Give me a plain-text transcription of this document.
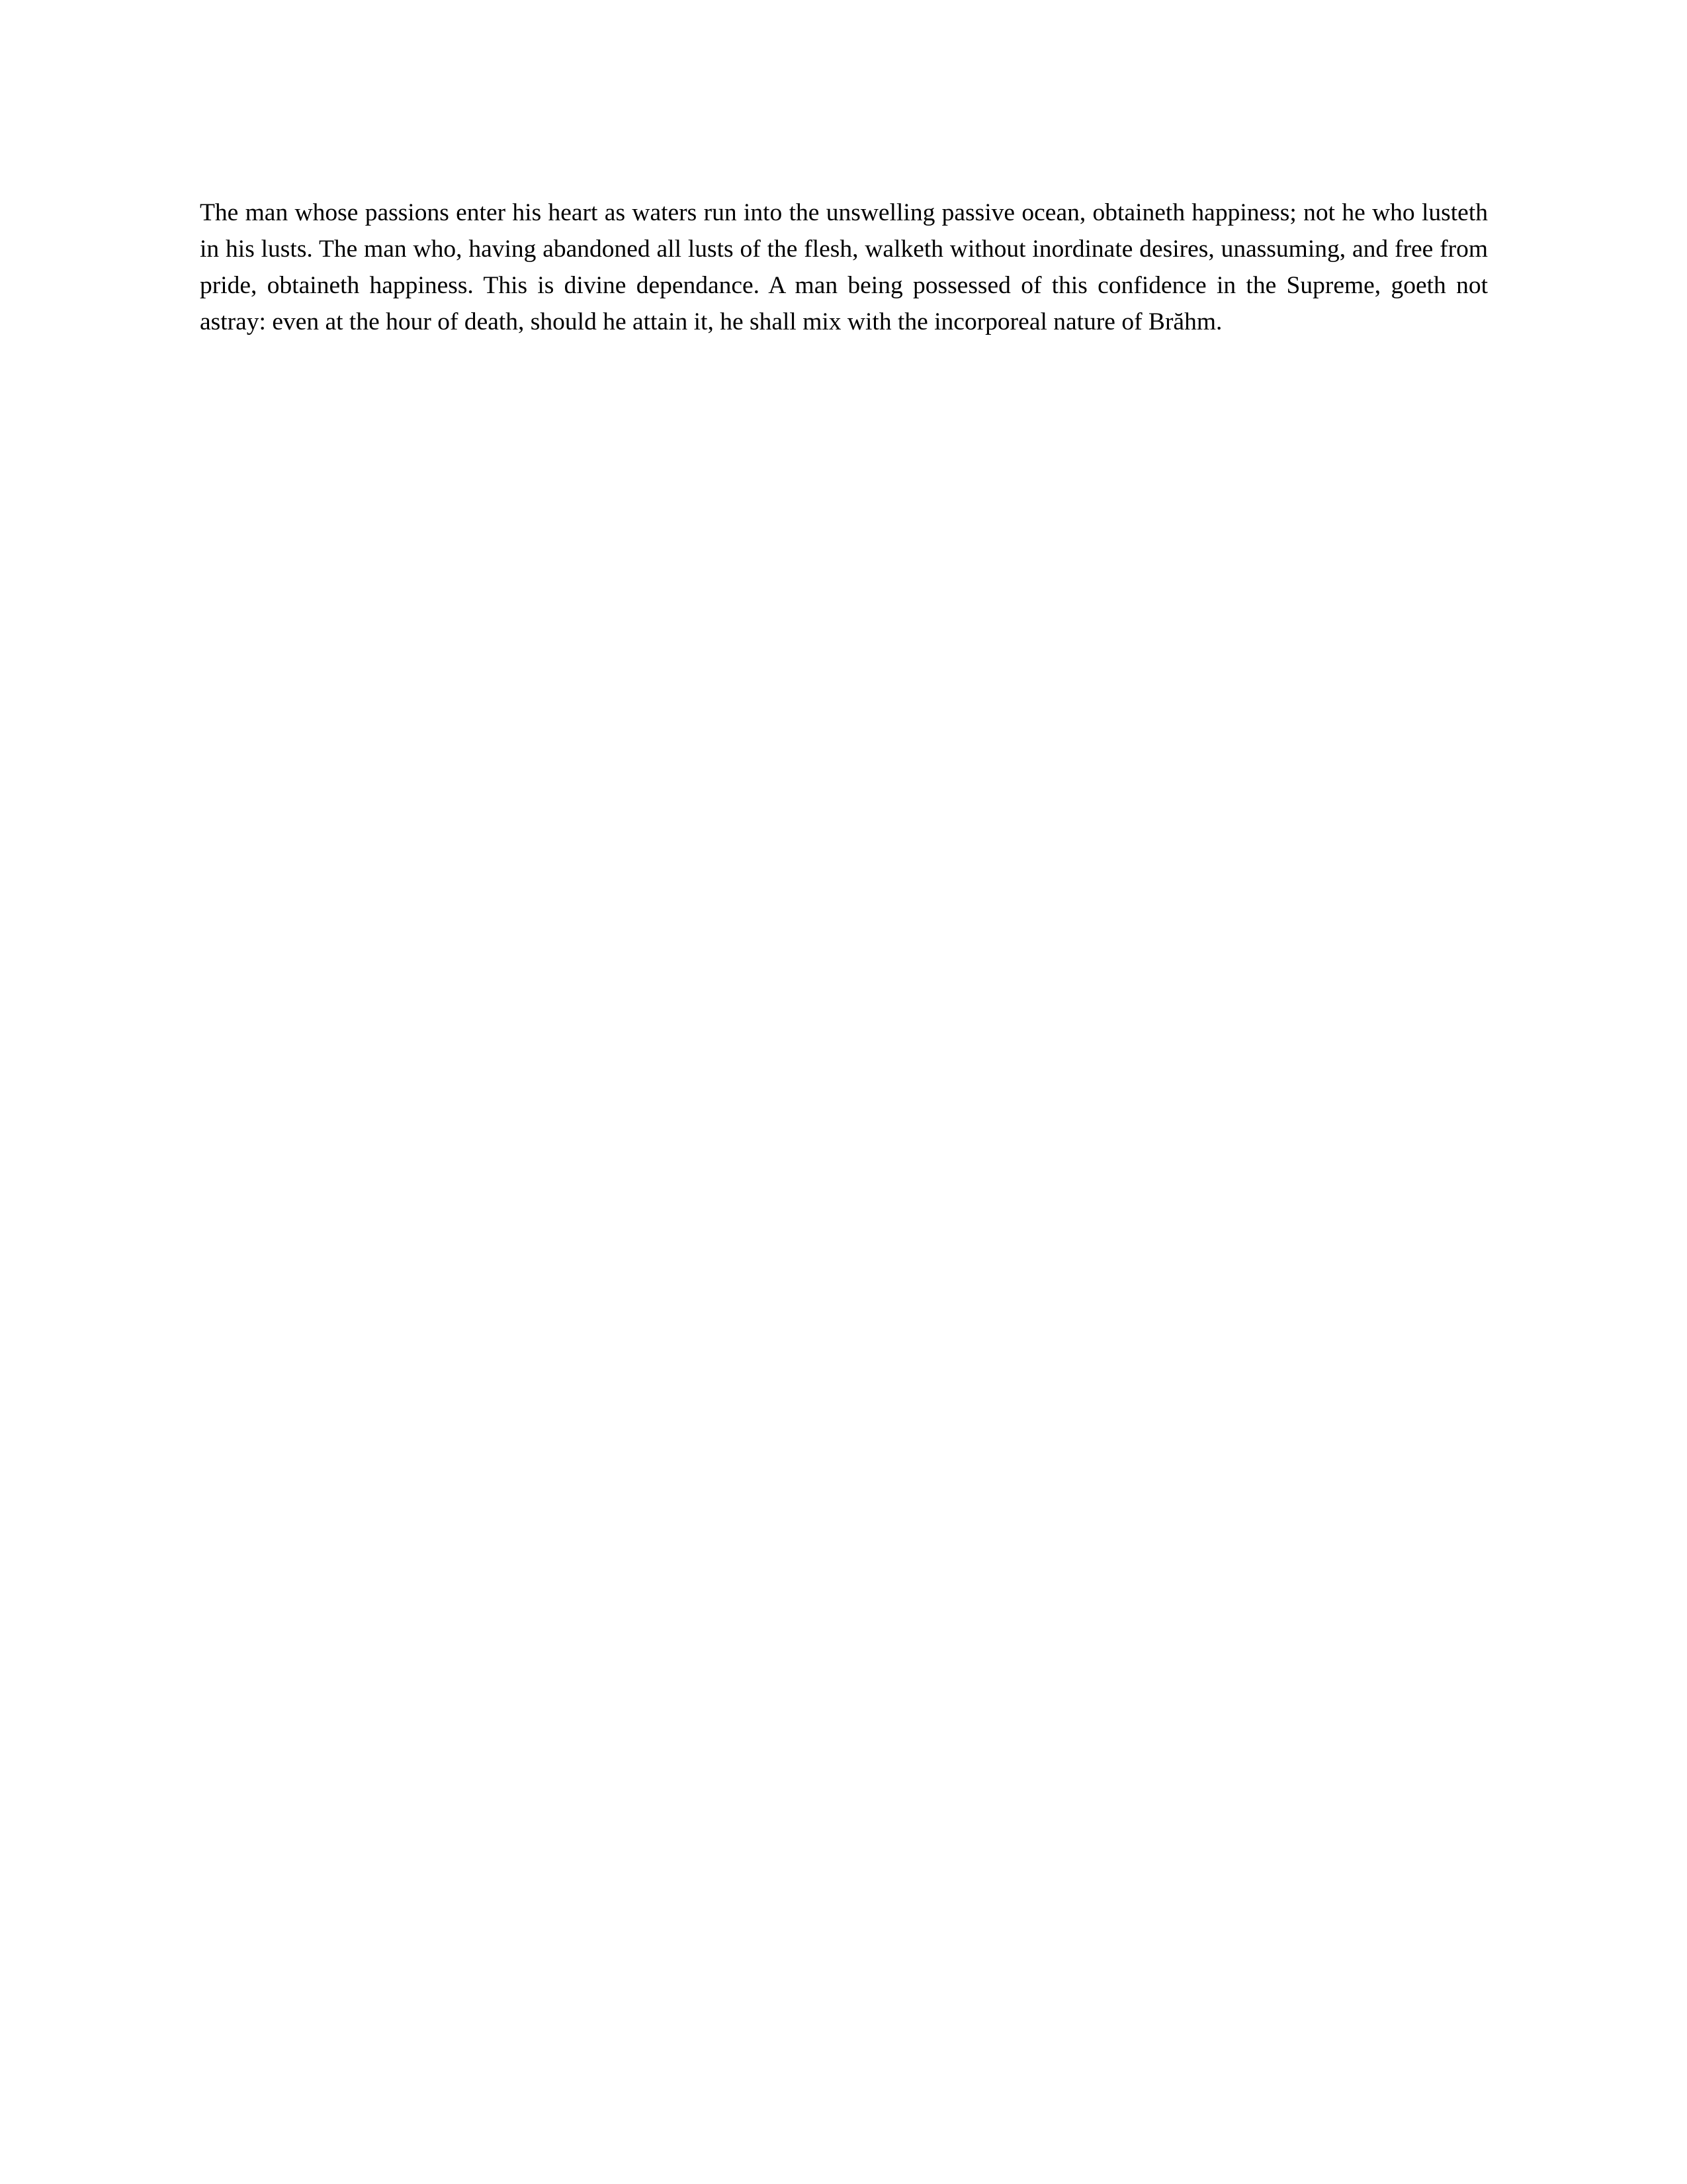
The man whose passions enter his heart as waters run into the unswelling passive ocean, obtaineth happiness; not he who lusteth in his lusts. The man who, having abandoned all lusts of the flesh, walketh without inordinate desires, unassuming, and free from pride, obtaineth happiness. This is divine dependance. A man being possessed of this confidence in the Supreme, goeth not astray: even at the hour of death, should he attain it, he shall mix with the incorporeal nature of Brăhm.
